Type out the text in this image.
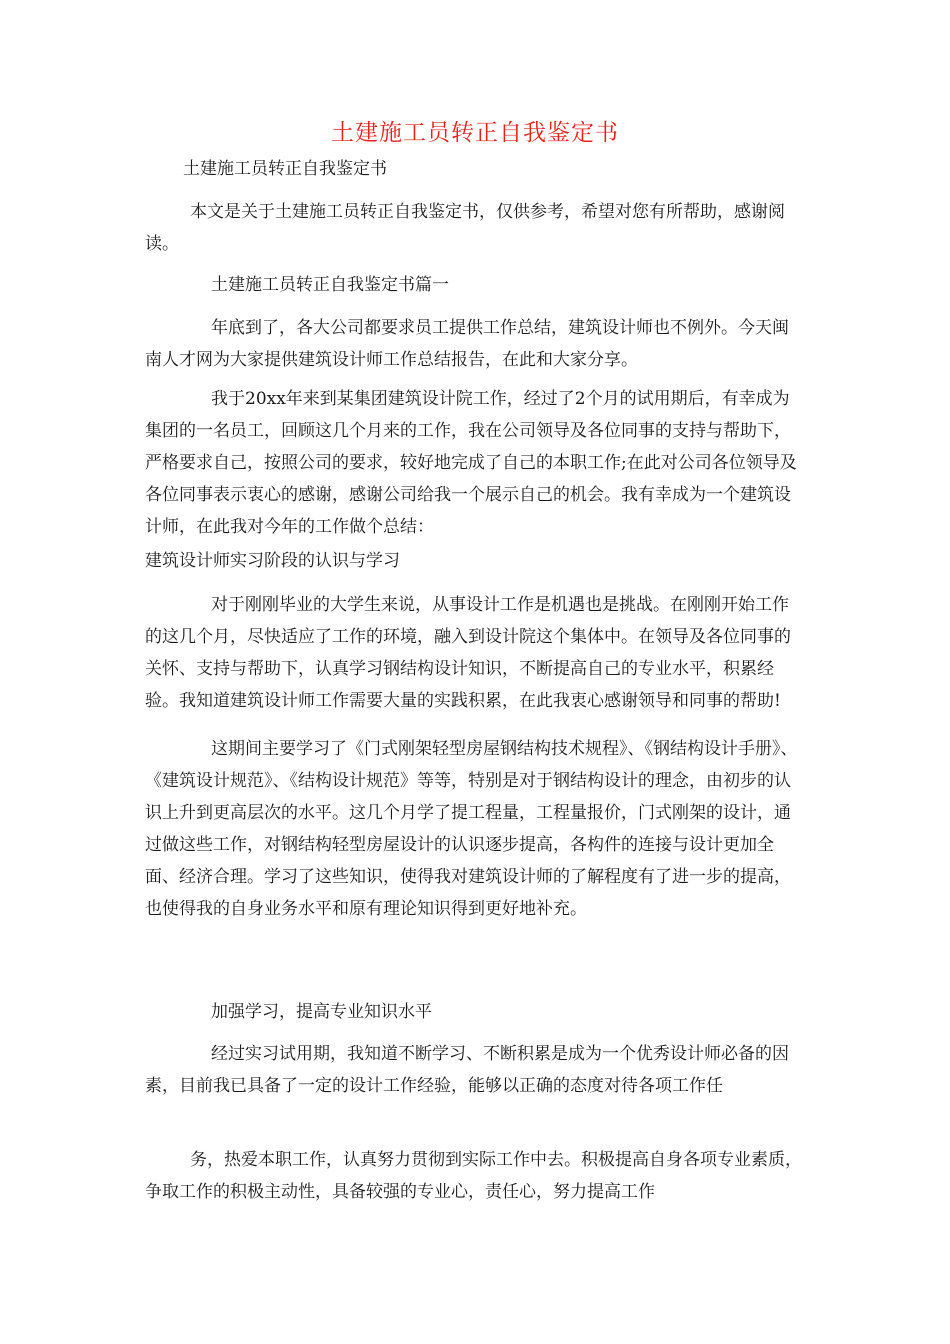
土建施工员转正自我鉴定书
土建施工员转正自我鉴定书
本文是关于土建施工员转正自我鉴定书，仅供参考，希望对您有所帮助，感谢阅读。
土建施工员转正自我鉴定书篇一
年底到了，各大公司都要求员工提供工作总结，建筑设计师也不例外。今天闽南人才网为大家提供建筑设计师工作总结报告，在此和大家分享。
我于20xx年来到某集团建筑设计院工作，经过了2个月的试用期后，有幸成为集团的一名员工，回顾这几个月来的工作，我在公司领导及各位同事的支持与帮助下，严格要求自己，按照公司的要求，较好地完成了自己的本职工作;在此对公司各位领导及各位同事表示衷心的感谢，感谢公司给我一个展示自己的机会。我有幸成为一个建筑设计师，在此我对今年的工作做个总结：
建筑设计师实习阶段的认识与学习
对于刚刚毕业的大学生来说，从事设计工作是机遇也是挑战。在刚刚开始工作的这几个月，尽快适应了工作的环境，融入到设计院这个集体中。在领导及各位同事的关怀、支持与帮助下，认真学习钢结构设计知识，不断提高自己的专业水平，积累经验。我知道建筑设计师工作需要大量的实践积累，在此我衷心感谢领导和同事的帮助!
这期间主要学习了《门式刚架轻型房屋钢结构技术规程》、《钢结构设计手册》、《建筑设计规范》、《结构设计规范》等等，特别是对于钢结构设计的理念，由初步的认识上升到更高层次的水平。这几个月学了提工程量，工程量报价，门式刚架的设计，通过做这些工作，对钢结构轻型房屋设计的认识逐步提高，各构件的连接与设计更加全面、经济合理。学习了这些知识，使得我对建筑设计师的了解程度有了进一步的提高，也使得我的自身业务水平和原有理论知识得到更好地补充。
加强学习，提高专业知识水平
经过实习试用期，我知道不断学习、不断积累是成为一个优秀设计师必备的因素，目前我已具备了一定的设计工作经验，能够以正确的态度对待各项工作任
务，热爱本职工作，认真努力贯彻到实际工作中去。积极提高自身各项专业素质，争取工作的积极主动性，具备较强的专业心，责任心，努力提高工作
